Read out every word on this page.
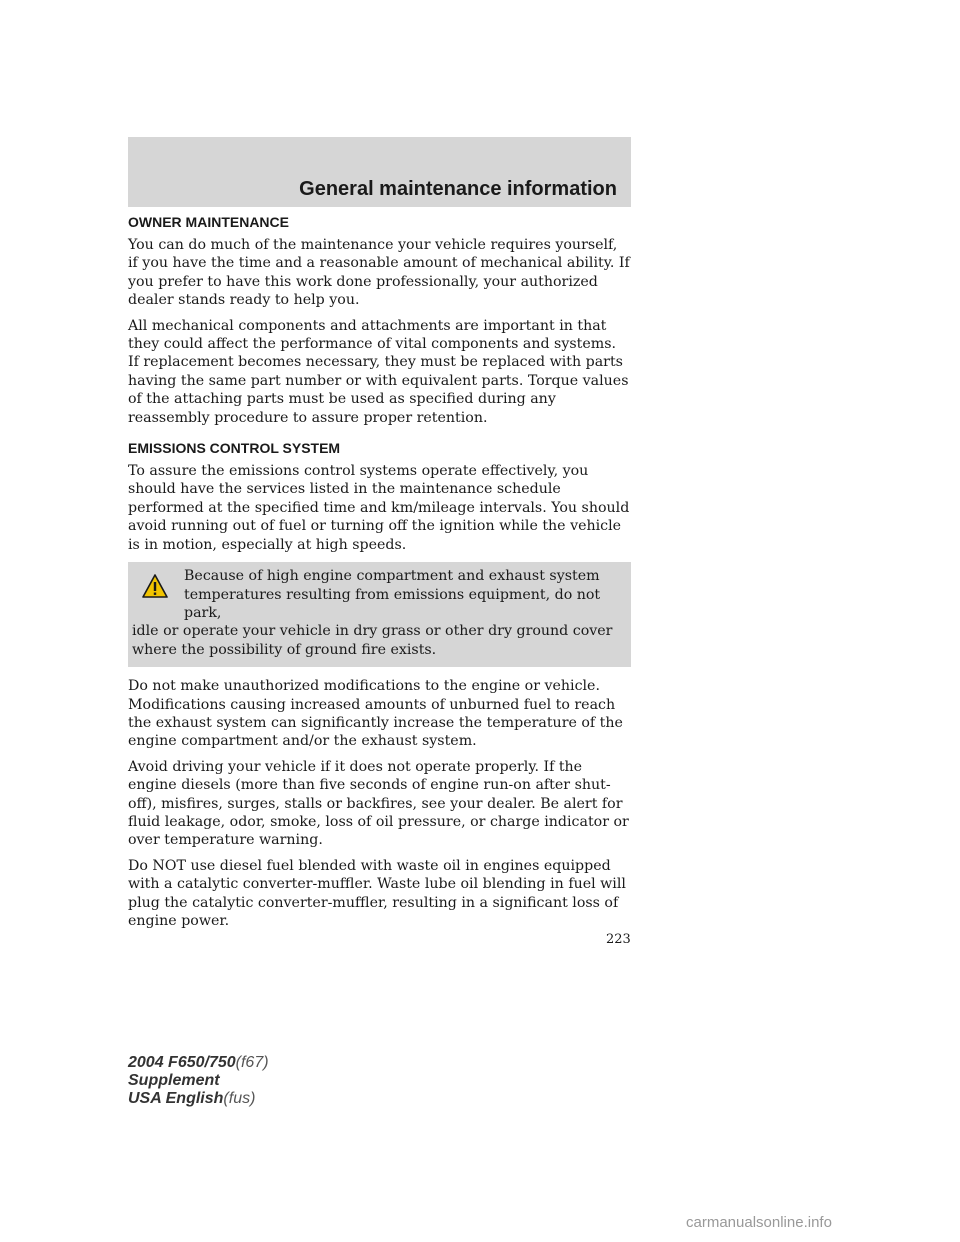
General maintenance information
OWNER MAINTENANCE

You can do much of the maintenance your vehicle requires yourself, if you have the time and a reasonable amount of mechanical ability. If you prefer to have this work done professionally, your authorized dealer stands ready to help you.

All mechanical components and attachments are important in that they could affect the performance of vital components and systems. If replacement becomes necessary, they must be replaced with parts having the same part number or with equivalent parts. Torque values of the attaching parts must be used as specified during any reassembly procedure to assure proper retention.

EMISSIONS CONTROL SYSTEM

To assure the emissions control systems operate effectively, you should have the services listed in the maintenance schedule performed at the specified time and km/mileage intervals. You should avoid running out of fuel or turning off the ignition while the vehicle is in motion, especially at high speeds.

Because of high engine compartment and exhaust system temperatures resulting from emissions equipment, do not park,
idle or operate your vehicle in dry grass or other dry ground cover where the possibility of ground fire exists.

Do not make unauthorized modifications to the engine or vehicle. Modifications causing increased amounts of unburned fuel to reach the exhaust system can significantly increase the temperature of the engine compartment and/or the exhaust system.

Avoid driving your vehicle if it does not operate properly. If the engine diesels (more than five seconds of engine run-on after shut-off), misfires, surges, stalls or backfires, see your dealer. Be alert for fluid leakage, odor, smoke, loss of oil pressure, or charge indicator or over temperature warning.

Do NOT use diesel fuel blended with waste oil in engines equipped with a catalytic converter-muffler. Waste lube oil blending in fuel will plug the catalytic converter-muffler, resulting in a significant loss of engine power.

223
2004 F650/750(f67)
Supplement
USA English(fus)
carmanualsonline.info
